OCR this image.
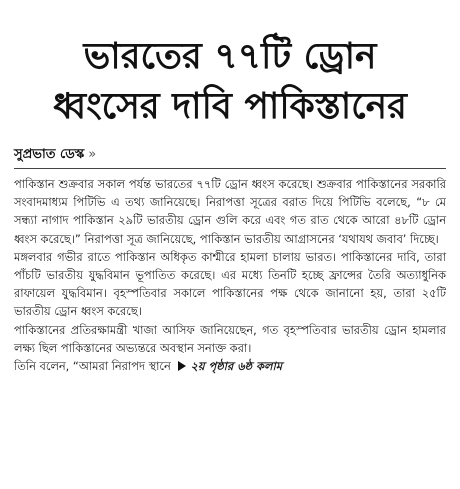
ভারতের ৭৭টি ড্রোন
ধ্বংসের দাবি পাকিস্তানের
সুপ্রভাত ডেস্ক »

পাকিস্তান শুক্রবার সকাল পর্যন্ত ভারতের ৭৭টি ড্রোন ধ্বংস করেছে। শুক্রবার পাকিস্তানের সরকারি সংবাদমাধ্যম পিটিভি এ তথ্য জানিয়েছে। নিরাপত্তা সূত্রের বরাত দিয়ে পিটিভি বলেছে, “৮ মে সন্ধ্যা নাগাদ পাকিস্তান ২৯টি ভারতীয় ড্রোন গুলি করে এবং গত রাত থেকে আরো ৪৮টি ড্রোন ধ্বংস করেছে।” নিরাপত্তা সূত্র জানিয়েছে, পাকিস্তান ভারতীয় আগ্রাসনের ‘যথাযথ জবাব’ দিচ্ছে।

মঙ্গলবার গভীর রাতে পাকিস্তান অধিকৃত কাশ্মীরে হামলা চালায় ভারত। পাকিস্তানের দাবি, তারা পাঁচটি ভারতীয় যুদ্ধবিমান ভূপাতিত করেছে। এর মধ্যে তিনটি হচ্ছে ফ্রান্সের তৈরি অত্যাধুনিক রাফায়েল যুদ্ধবিমান। বৃহস্পতিবার সকালে পাকিস্তানের পক্ষ থেকে জানানো হয়, তারা ২৫টি ভারতীয় ড্রোন ধ্বংস করেছে।

পাকিস্তানের প্রতিরক্ষামন্ত্রী খাজা আসিফ জানিয়েছেন, গত বৃহস্পতিবার ভারতীয় ড্রোন হামলার লক্ষ্য ছিল পাকিস্তানের অভ্যন্তরে অবস্থান সনাক্ত করা।

তিনি বলেন, “আমরা নিরাপদ স্থানে ২য় পৃষ্ঠার ৬ষ্ঠ কলাম
